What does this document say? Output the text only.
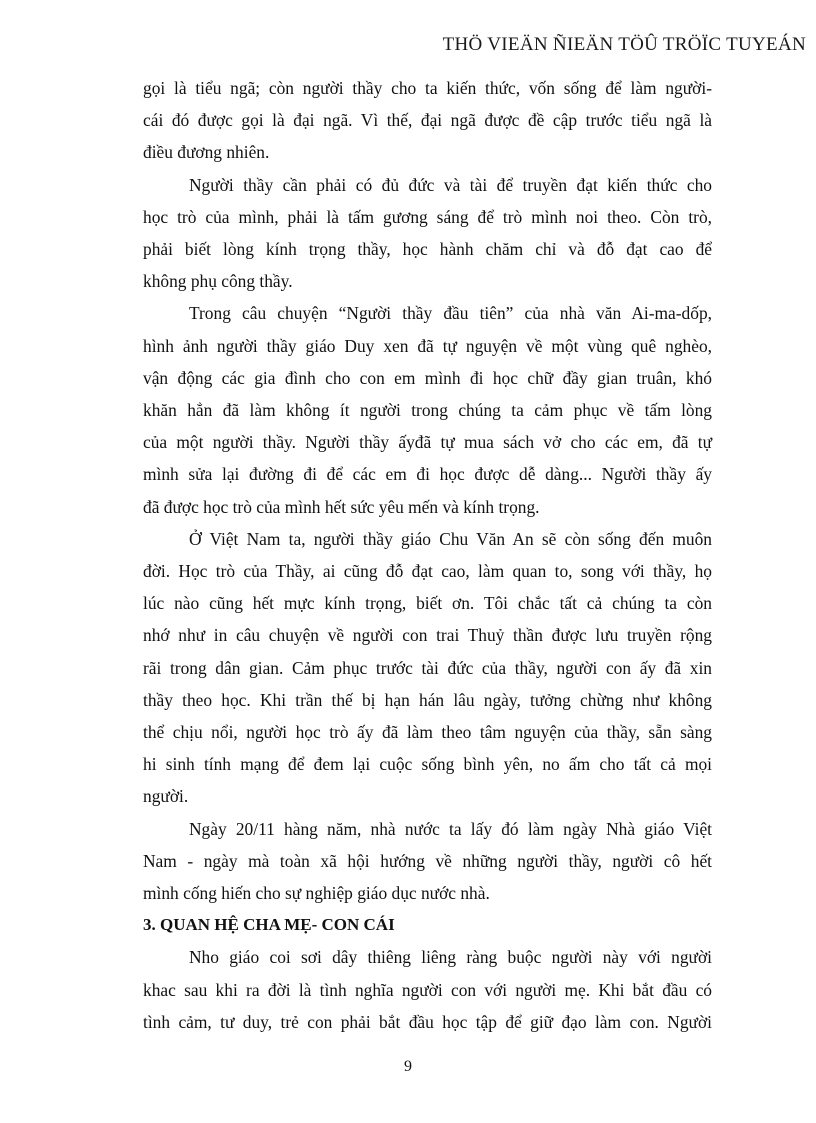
THÖ VIEÄN ÑIEÄN TÖÛ TRÖÏC TUYEÁN

gọi là tiểu ngã; còn người thầy cho ta kiến thức, vốn sống để làm người-
cái đó được gọi là đại ngã. Vì thế, đại ngã được đề cập trước tiểu ngã là
điều đương nhiên.

Người thầy cần phải có đủ đức và tài để truyền đạt kiến thức cho
học trò của mình, phải là tấm gương sáng để trò mình noi theo. Còn trò,
phải biết lòng kính trọng thầy, học hành chăm chỉ và đỗ đạt cao để
không phụ công thầy.

Trong câu chuyện “Người thầy đầu tiên” của nhà văn Ai-ma-dốp,
hình ảnh người thầy giáo Duy xen đã tự nguyện về một vùng quê nghèo,
vận động các gia đình cho con em mình đi học chữ đầy gian truân, khó
khăn hẳn đã làm không ít người trong chúng ta cảm phục về tấm lòng
của một người thầy. Người thầy ấyđã tự mua sách vở cho các em, đã tự
mình sửa lại đường đi để các em đi học được dễ dàng... Người thầy ấy
đã được học trò của mình hết sức yêu mến và kính trọng.

Ở Việt Nam ta, người thầy giáo Chu Văn An sẽ còn sống đến muôn
đời. Học trò của Thầy, ai cũng đỗ đạt cao, làm quan to, song với thầy, họ
lúc nào cũng hết mực kính trọng, biết ơn. Tôi chắc tất cả chúng ta còn
nhớ như in câu chuyện về người con trai Thuỷ thần được lưu truyền rộng
rãi trong dân gian. Cảm phục trước tài đức của thầy, người con ấy đã xin
thầy theo học. Khi trần thế bị hạn hán lâu ngày, tưởng chừng như không
thể chịu nổi, người học trò ấy đã làm theo tâm nguyện của thầy, sẵn sàng
hi sinh tính mạng để đem lại cuộc sống bình yên, no ấm cho tất cả mọi
người.

Ngày 20/11 hàng năm, nhà nước ta lấy đó làm ngày Nhà giáo Việt
Nam - ngày mà toàn xã hội hướng về những người thầy, người cô hết
mình cống hiến cho sự nghiệp giáo dục nước nhà.

3. QUAN HỆ CHA MẸ- CON CÁI

Nho giáo coi sơi dây thiêng liêng ràng buộc người này với người
khac sau khi ra đời là tình nghĩa người con với người mẹ. Khi bắt đầu có
tình cảm, tư duy, trẻ con phải bắt đầu học tập để giữ đạo làm con. Người

9
